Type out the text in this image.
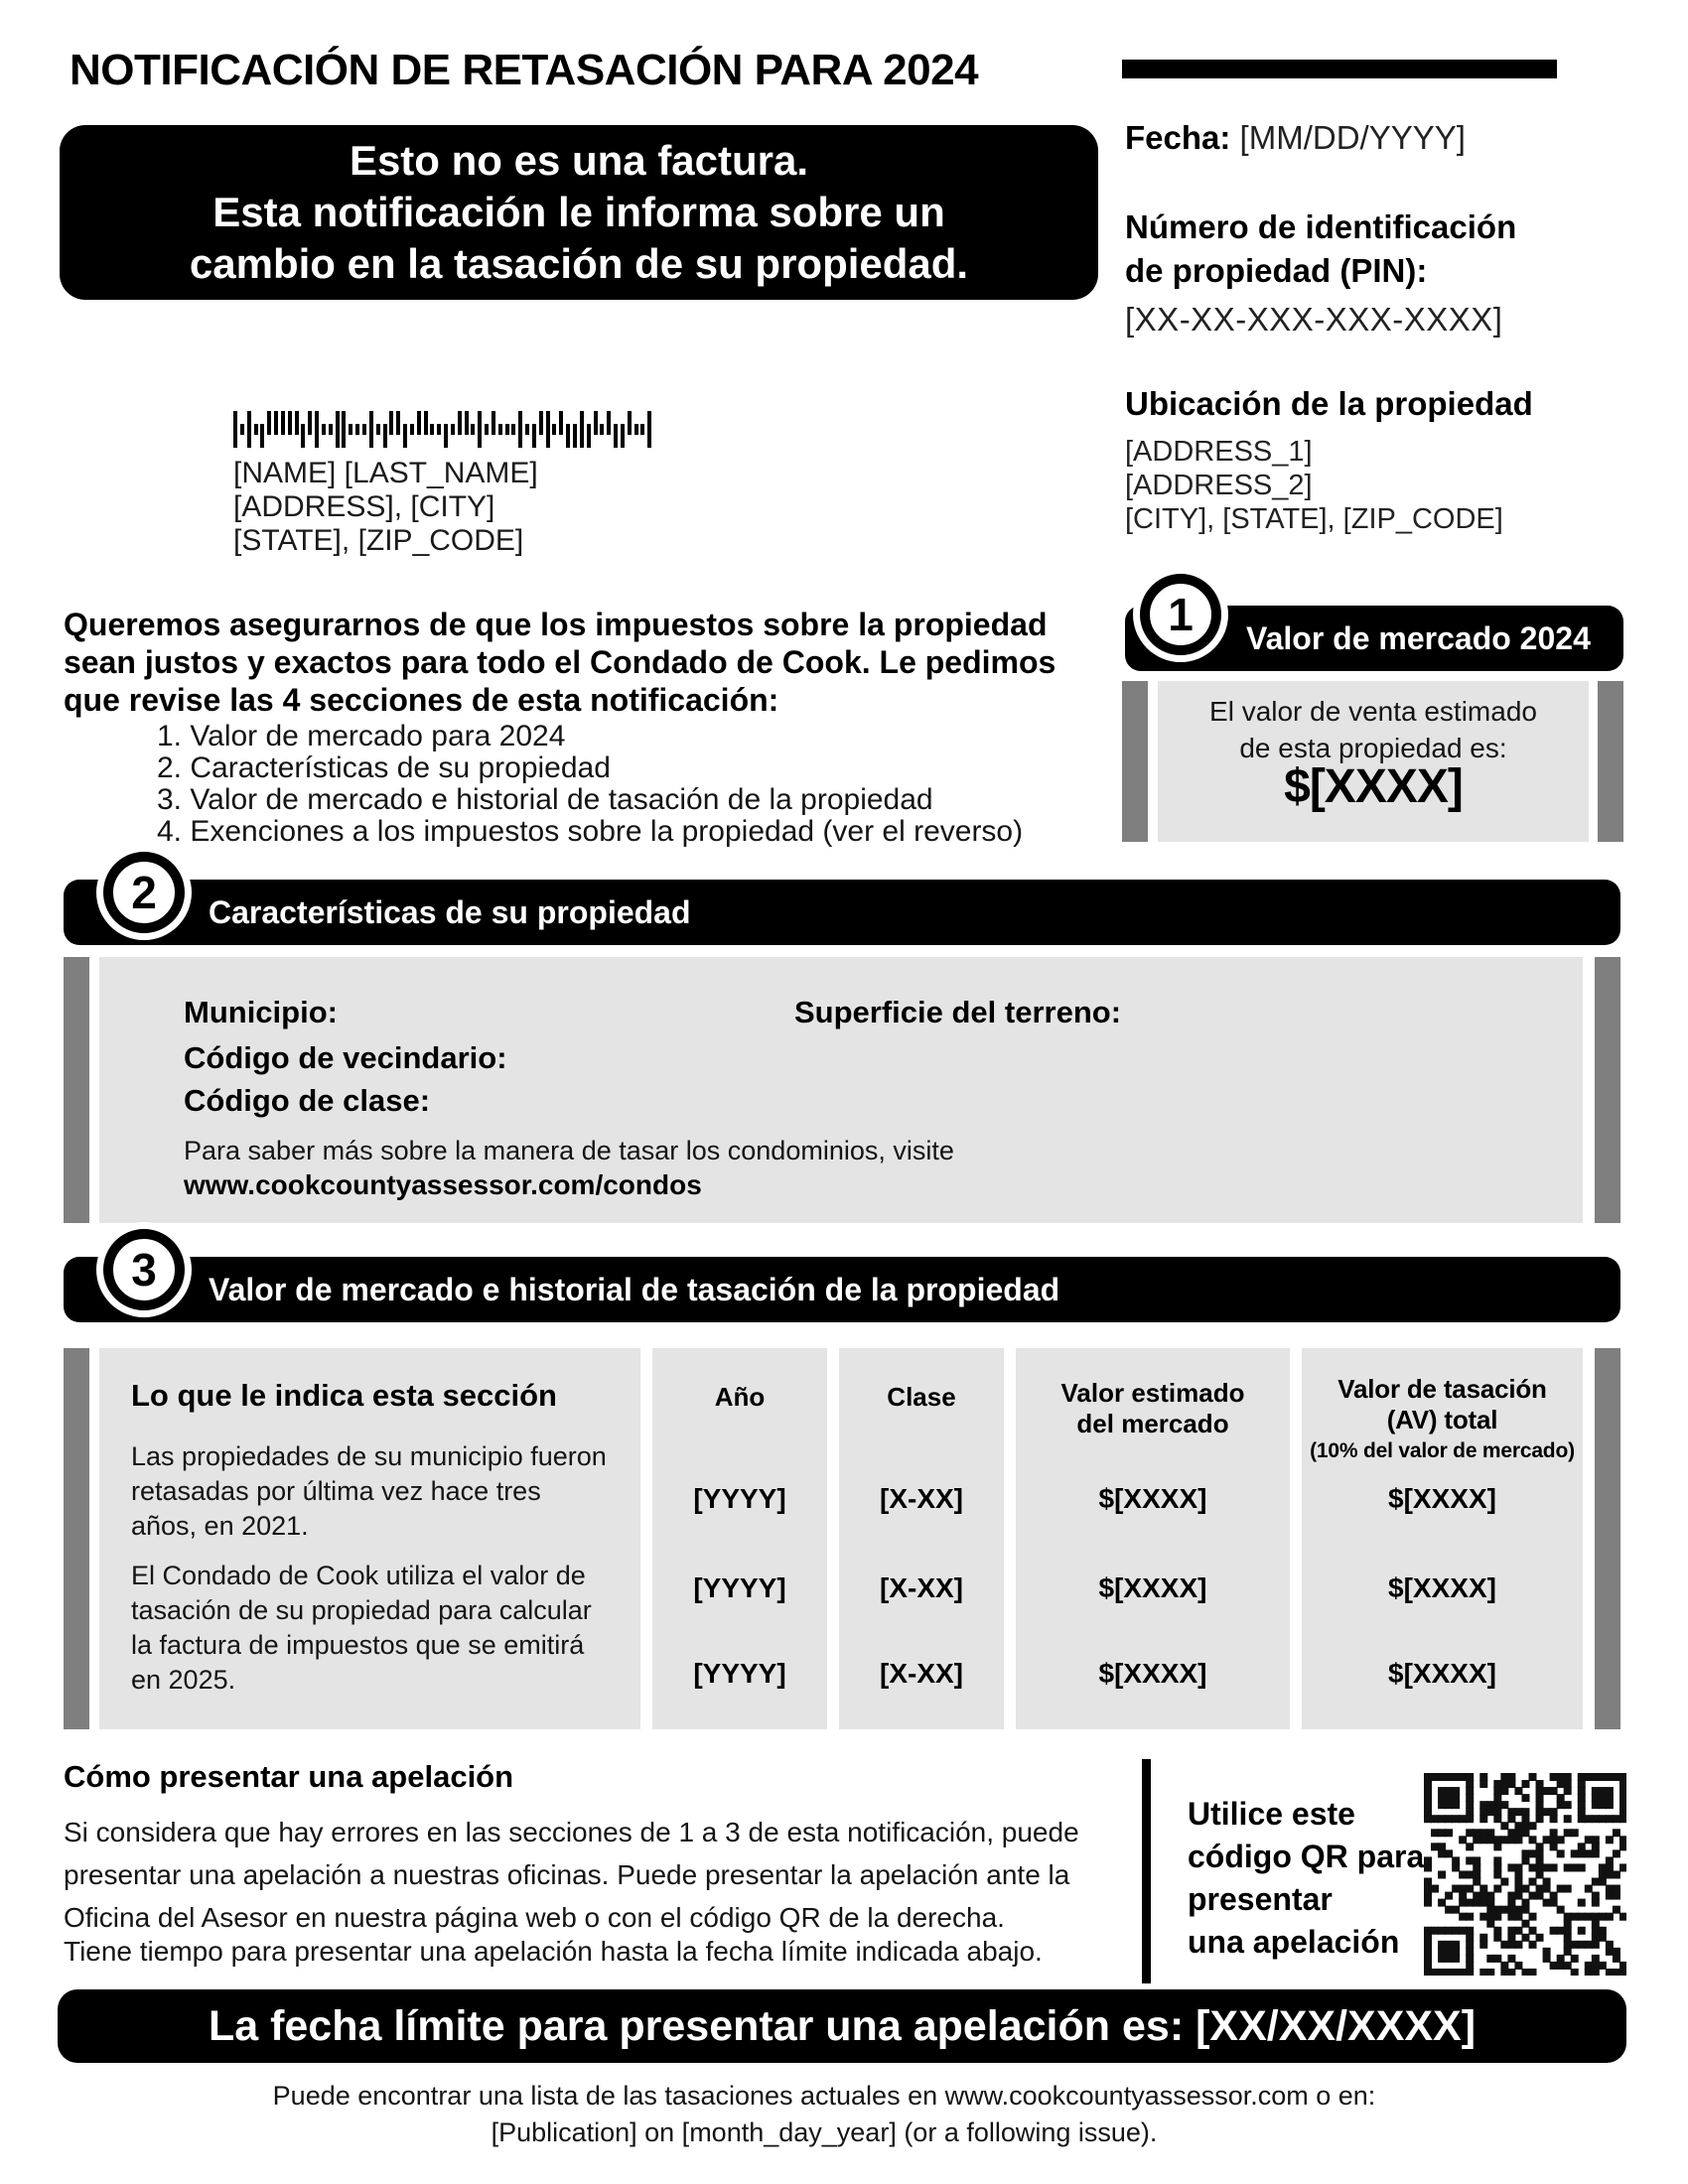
NOTIFICACIÓN DE RETASACIÓN PARA 2024
Esto no es una factura.
Esta notificación le informa sobre un
cambio en la tasación de su propiedad.
Fecha: [MM/DD/YYYY]
Número de identificación
de propiedad (PIN):
[XX-XX-XXX-XXX-XXXX]
Ubicación de la propiedad
[ADDRESS_1]
[ADDRESS_2]
[CITY], [STATE], [ZIP_CODE]
[NAME] [LAST_NAME]
[ADDRESS], [CITY]
[STATE], [ZIP_CODE]
Queremos asegurarnos de que los impuestos sobre la propiedad sean justos y exactos para todo el Condado de Cook. Le pedimos que revise las 4 secciones de esta notificación:
1. Valor de mercado para 2024
2. Características de su propiedad
3. Valor de mercado e historial de tasación de la propiedad
4. Exenciones a los impuestos sobre la propiedad (ver el reverso)
1 Valor de mercado 2024
El valor de venta estimado
de esta propiedad es:
$[XXXX]
2 Características de su propiedad
Municipio:	Superficie del terreno:
Código de vecindario:
Código de clase:
Para saber más sobre la manera de tasar los condominios, visite
www.cookcountyassessor.com/condos
3 Valor de mercado e historial de tasación de la propiedad
Lo que le indica esta sección
Las propiedades de su municipio fueron retasadas por última vez hace tres años, en 2021.
El Condado de Cook utiliza el valor de tasación de su propiedad para calcular la factura de impuestos que se emitirá en 2025.
Año
[YYYY]
[YYYY]
[YYYY]
Clase
[X-XX]
[X-XX]
[X-XX]
Valor estimado
del mercado
$[XXXX]
$[XXXX]
$[XXXX]
Valor de tasación
(AV) total
(10% del valor de mercado)
$[XXXX]
$[XXXX]
$[XXXX]
Cómo presentar una apelación
Si considera que hay errores en las secciones de 1 a 3 de esta notificación, puede presentar una apelación a nuestras oficinas. Puede presentar la apelación ante la Oficina del Asesor en nuestra página web o con el código QR de la derecha.
Tiene tiempo para presentar una apelación hasta la fecha límite indicada abajo.
Utilice este
código QR para
presentar
una apelación
La fecha límite para presentar una apelación es: [XX/XX/XXXX]
Puede encontrar una lista de las tasaciones actuales en www.cookcountyassessor.com o en:
[Publication] on [month_day_year] (or a following issue).
